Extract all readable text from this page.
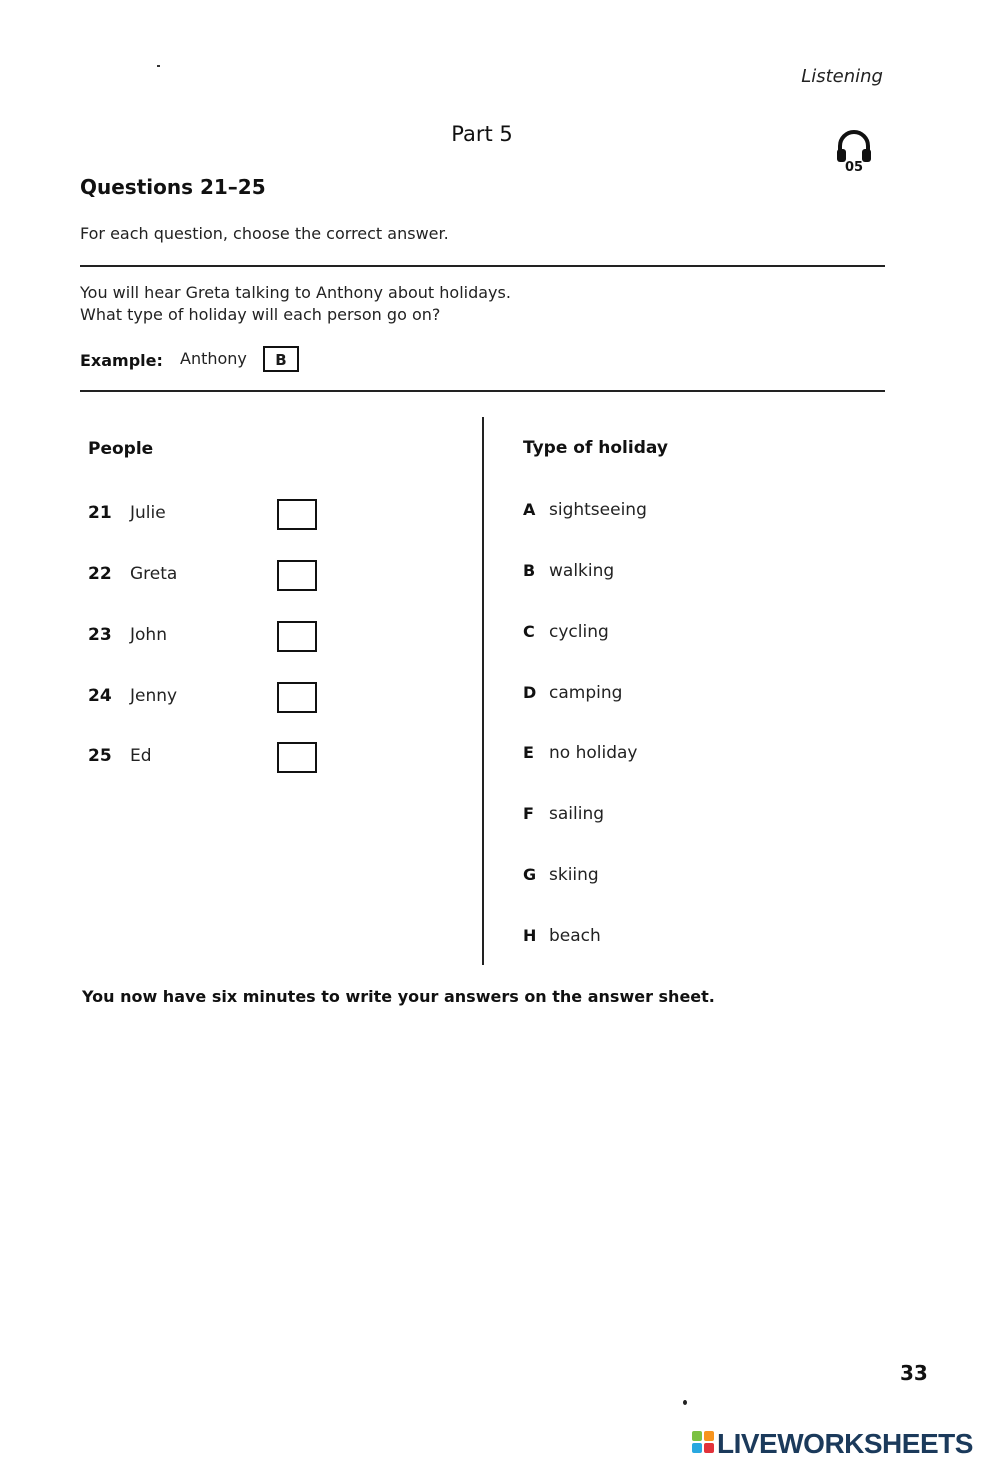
Listening
Part 5
05
Questions 21–25
For each question, choose the correct answer.
You will hear Greta talking to Anthony about holidays.
What type of holiday will each person go on?
Example: Anthony	B
People	Type of holiday
21 Julie
22 Greta
23 John
24 Jenny
25 Ed
A sightseeing
B walking
C cycling
D camping
E no holiday
F sailing
G skiing
H beach
You now have six minutes to write your answers on the answer sheet.
33
LIVEWORKSHEETS
